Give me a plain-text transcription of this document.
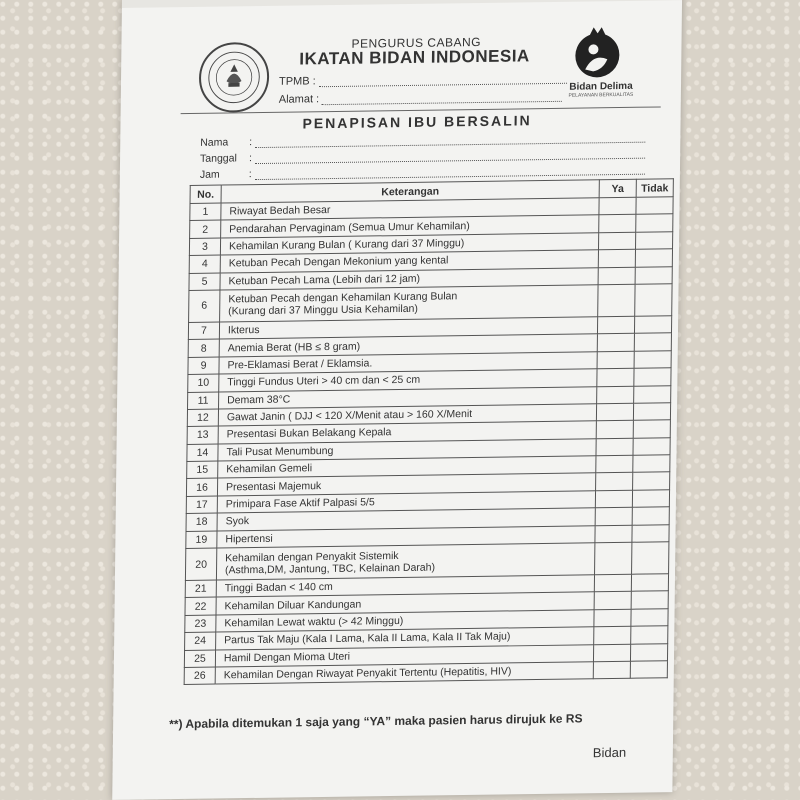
Bidan Delima
PELAYANAN BERKUALITAS
PENGURUS CABANG
IKATAN BIDAN INDONESIA
TPMB :
Alamat :
PENAPISAN IBU BERSALIN
Nama :
Tanggal :
Jam	:
No.	Keterangan	Ya	Tidak
1	Riwayat Bedah Besar		

2	Pendarahan Pervaginam (Semua Umur Kehamilan)		

3	Kehamilan Kurang Bulan ( Kurang dari 37 Minggu)		

4	Ketuban Pecah Dengan Mekonium yang kental		

5	Ketuban Pecah Lama (Lebih dari 12 jam)		

6	Ketuban Pecah dengan Kehamilan Kurang Bulan
(Kurang dari 37 Minggu Usia Kehamilan)		

7	Ikterus		

8	Anemia Berat (HB ≤ 8 gram)		

9	Pre-Eklamasi Berat / Eklamsia.		

10	Tinggi Fundus Uteri > 40 cm dan < 25 cm		

11	Demam 38°C		

12	Gawat Janin ( DJJ < 120 X/Menit atau > 160 X/Menit		

13	Presentasi Bukan Belakang Kepala		

14	Tali Pusat Menumbung		

15	Kehamilan Gemeli		

16	Presentasi Majemuk		

17	Primipara Fase Aktif Palpasi 5/5		

18	Syok		

19	Hipertensi		

20	Kehamilan dengan Penyakit Sistemik
(Asthma,DM, Jantung, TBC, Kelainan Darah)		

21	Tinggi Badan < 140 cm		

22	Kehamilan Diluar Kandungan		

23	Kehamilan Lewat waktu (> 42 Minggu)		

24	Partus Tak Maju (Kala I Lama, Kala II Lama, Kala II Tak Maju)		

25	Hamil Dengan Mioma Uteri		

26	Kehamilan Dengan Riwayat Penyakit Tertentu (Hepatitis, HIV)		

**) Apabila ditemukan 1 saja yang “YA” maka pasien harus dirujuk ke RS
Bidan
